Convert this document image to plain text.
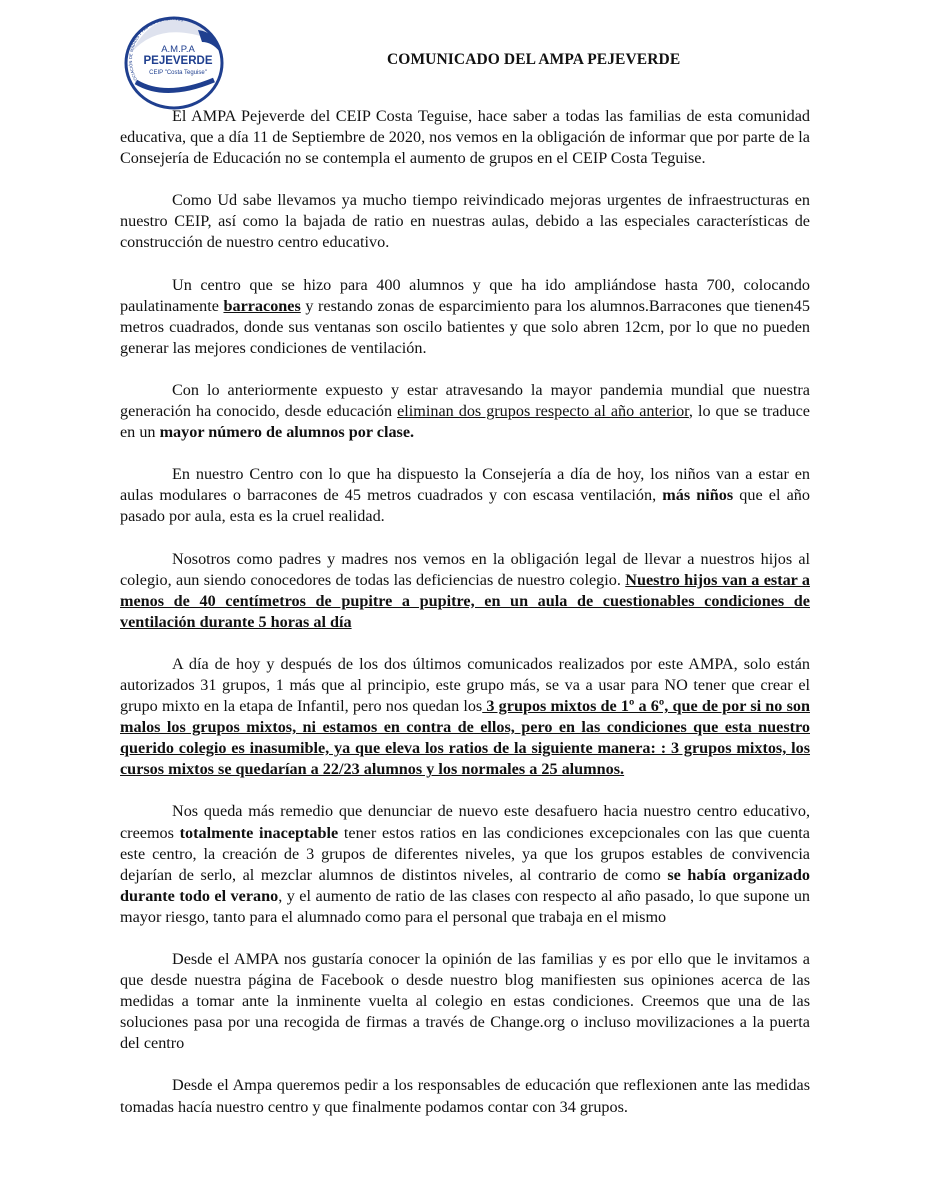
ASOCIACIÓN DE MADRES Y PADRES DE ALUMNOS
A.M.P.A
PEJEVERDE
CEIP "Costa Teguise"
COMUNICADO DEL AMPA PEJEVERDE

El AMPA Pejeverde del CEIP Costa Teguise, hace saber a todas las familias de esta comunidad educativa, que a día 11 de Septiembre de 2020, nos vemos en la obligación de informar que por parte de la Consejería de Educación no se contempla el aumento de grupos en el CEIP Costa Teguise.

Como Ud sabe llevamos ya mucho tiempo reivindicado mejoras urgentes de infraestructuras en nuestro CEIP, así como la bajada de ratio en nuestras aulas, debido a las especiales características de construcción de nuestro centro educativo.

Un centro que se hizo para 400 alumnos y que ha ido ampliándose hasta 700, colocando paulatinamente barracones y restando zonas de esparcimiento para los alumnos.Barracones que tienen45 metros cuadrados, donde sus ventanas son oscilo batientes y que solo abren 12cm, por lo que no pueden generar las mejores condiciones de ventilación.

Con lo anteriormente expuesto y estar atravesando la mayor pandemia mundial que nuestra generación ha conocido, desde educación eliminan dos grupos respecto al año anterior, lo que se traduce en un mayor número de alumnos por clase.

En nuestro Centro con lo que ha dispuesto la Consejería a día de hoy, los niños van a estar en aulas modulares o barracones de 45 metros cuadrados y con escasa ventilación, más niños que el año pasado por aula, esta es la cruel realidad.

Nosotros como padres y madres nos vemos en la obligación legal de llevar a nuestros hijos al colegio, aun siendo conocedores de todas las deficiencias de nuestro colegio. Nuestro hijos van a estar a menos de 40 centímetros de pupitre a pupitre, en un aula de cuestionables condiciones de ventilación durante 5 horas al día

A día de hoy y después de los dos últimos comunicados realizados por este AMPA, solo están autorizados 31 grupos, 1 más que al principio, este grupo más, se va a usar para NO tener que crear el grupo mixto en la etapa de Infantil, pero nos quedan los 3 grupos mixtos de 1º a 6º, que de por si no son malos los grupos mixtos, ni estamos en contra de ellos, pero en las condiciones que esta nuestro querido colegio es inasumible, ya que eleva los ratios de la siguiente manera: : 3 grupos mixtos, los cursos mixtos se quedarían a 22/23 alumnos y los normales a 25 alumnos.

Nos queda más remedio que denunciar de nuevo este desafuero hacia nuestro centro educativo, creemos totalmente inaceptable tener estos ratios en las condiciones excepcionales con las que cuenta este centro, la creación de 3 grupos de diferentes niveles, ya que los grupos estables de convivencia dejarían de serlo, al mezclar alumnos de distintos niveles, al contrario de como se había organizado durante todo el verano, y el aumento de ratio de las clases con respecto al año pasado, lo que supone un mayor riesgo, tanto para el alumnado como para el personal que trabaja en el mismo

Desde el AMPA nos gustaría conocer la opinión de las familias y es por ello que le invitamos a que desde nuestra página de Facebook o desde nuestro blog manifiesten sus opiniones acerca de las medidas a tomar ante la inminente vuelta al colegio en estas condiciones. Creemos que una de las soluciones pasa por una recogida de firmas a través de Change.org o incluso movilizaciones a la puerta del centro

Desde el Ampa queremos pedir a los responsables de educación que reflexionen ante las medidas tomadas hacía nuestro centro y que finalmente podamos contar con 34 grupos.
